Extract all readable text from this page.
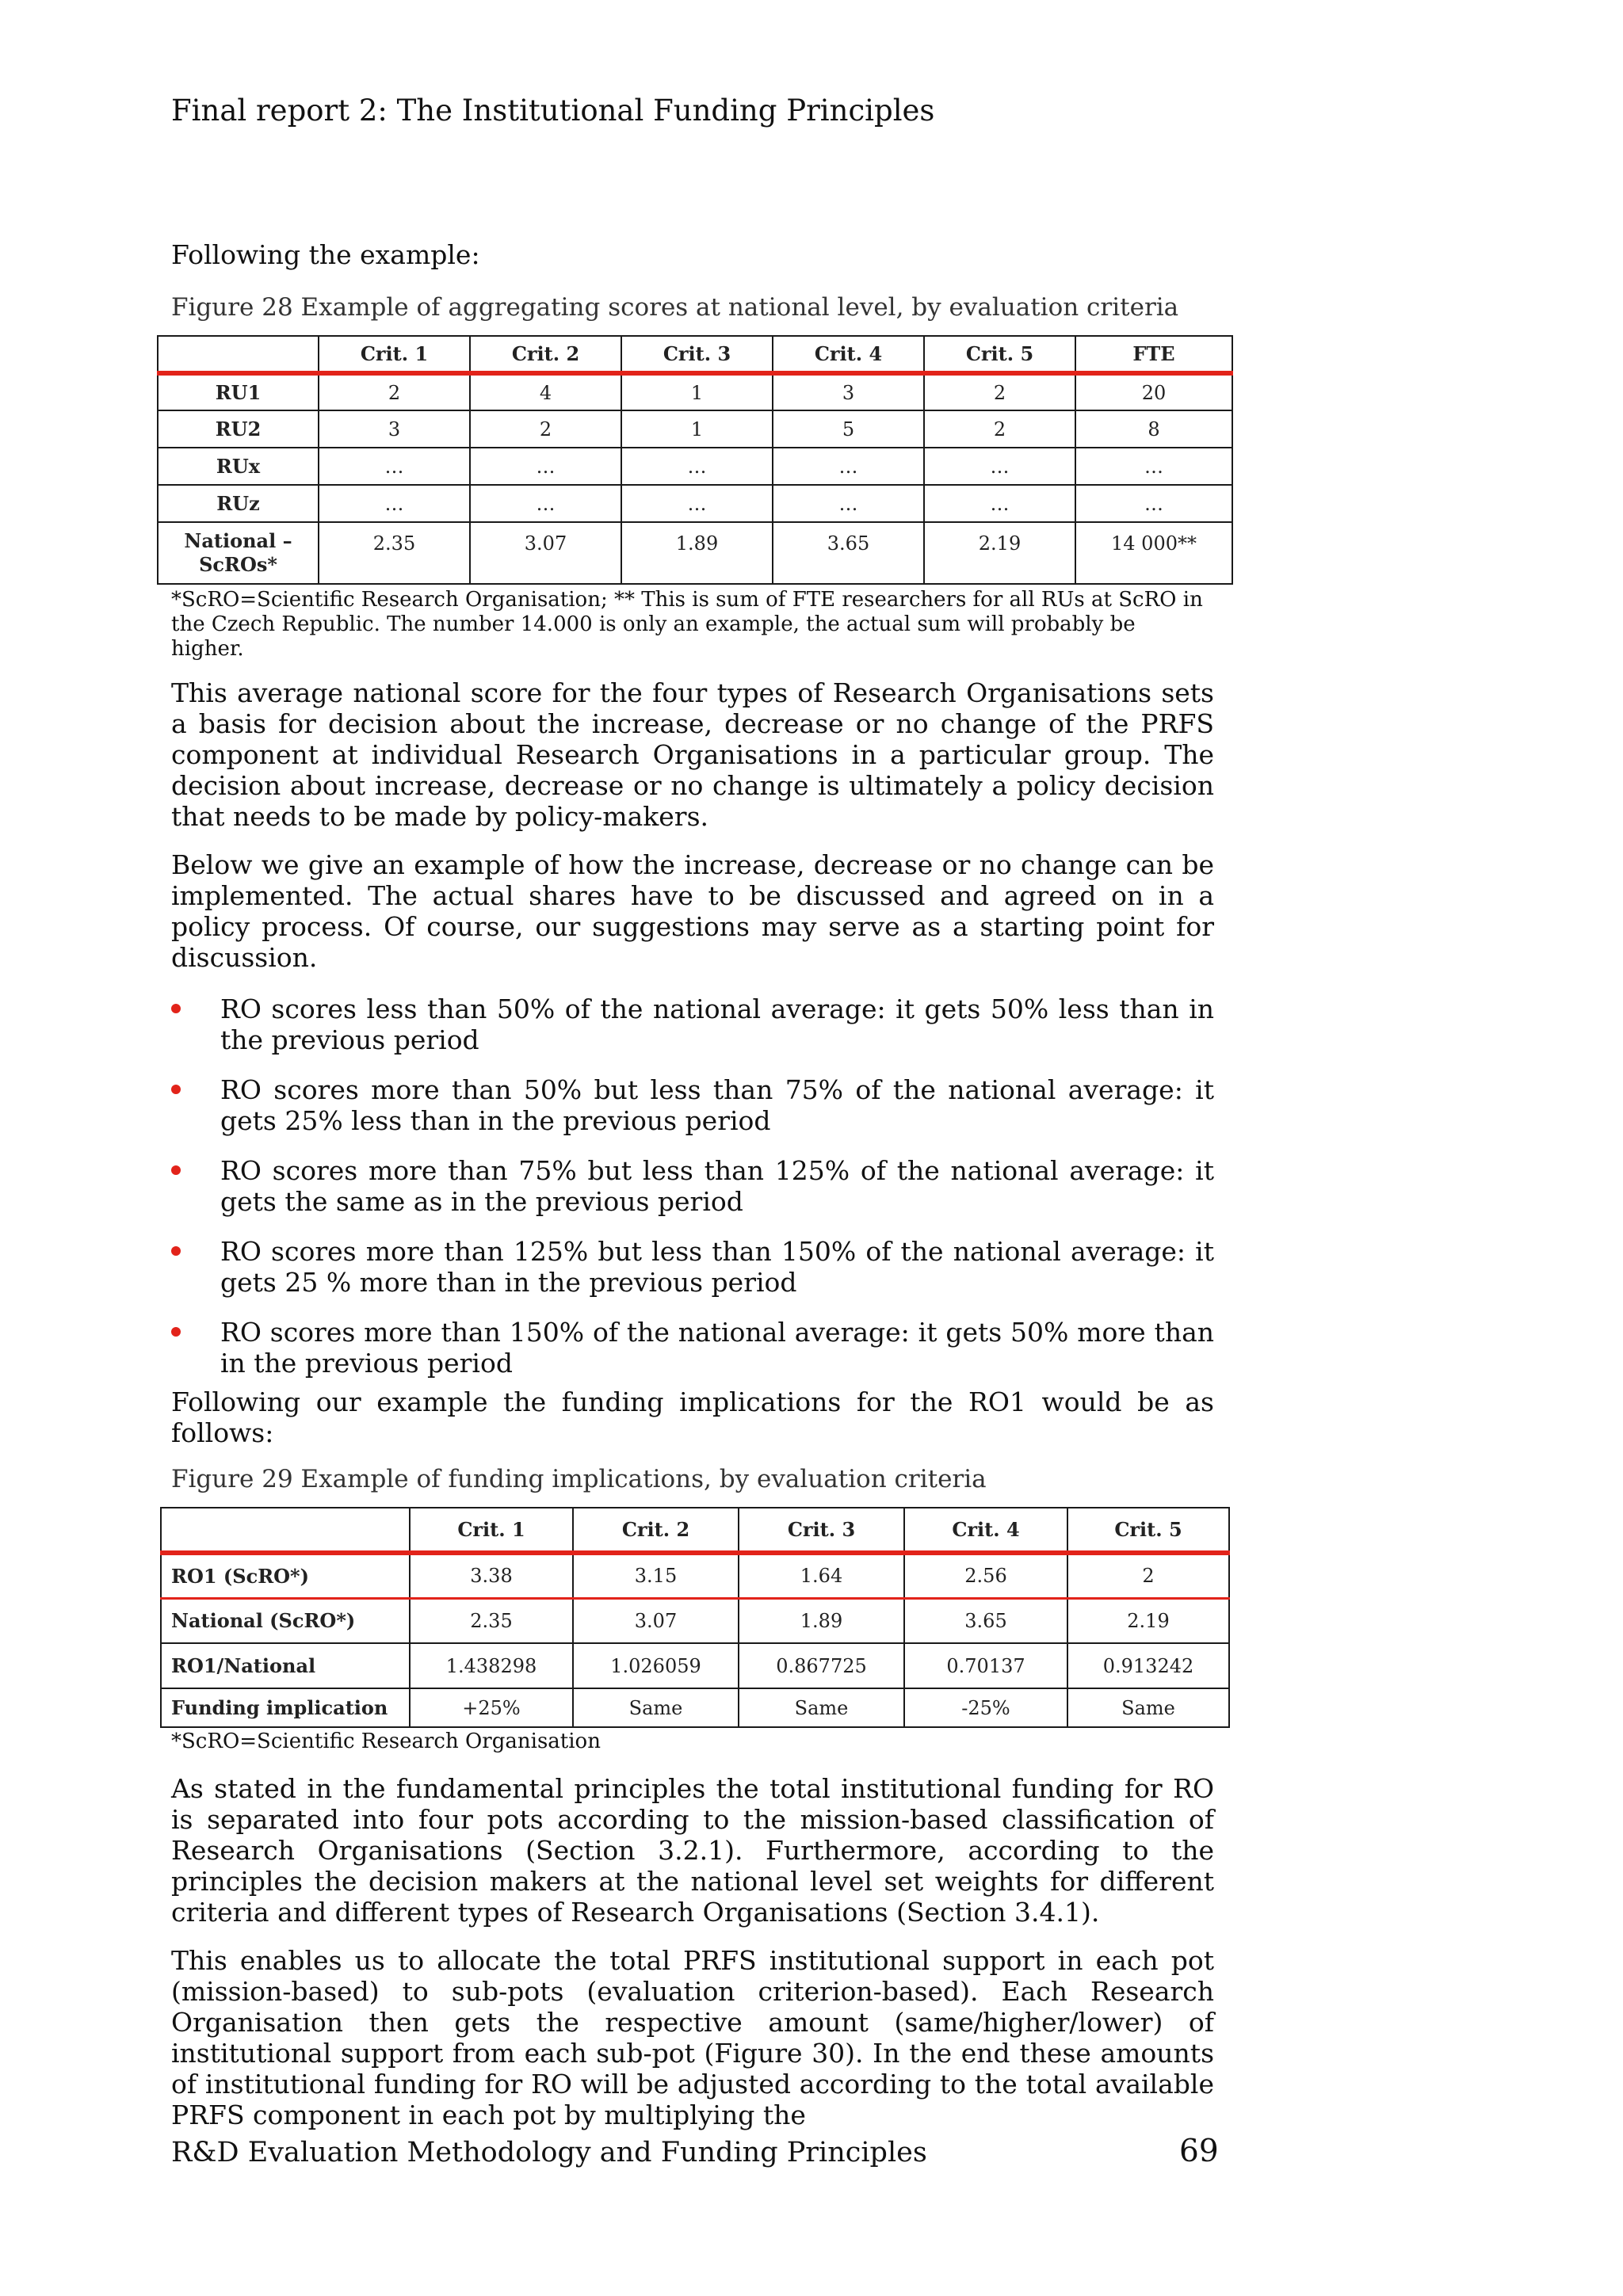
Final report 2: The Institutional Funding Principles

Following the example:

Figure 28 Example of aggregating scores at national level, by evaluation criteria

	Crit. 1	Crit. 2	Crit. 3	Crit. 4	Crit. 5	FTE
RU1	2	4	1	3	2	20
RU2	3	2	1	5	2	8
RUx	…	…	…	…	…	…
RUz	…	…	…	…	…	…
National – ScROs*	2.35	3.07	1.89	3.65	2.19	14 000**
*ScRO=Scientific Research Organisation; ** This is sum of FTE researchers for all RUs at ScRO in the Czech Republic. The number 14.000 is only an example, the actual sum will probably be higher.

This average national score for the four types of Research Organisations sets a basis for decision about the increase, decrease or no change of the PRFS component at individual Research Organisations in a particular group. The decision about increase, decrease or no change is ultimately a policy decision that needs to be made by policy-makers.

Below we give an example of how the increase, decrease or no change can be implemented. The actual shares have to be discussed and agreed on in a policy process. Of course, our suggestions may serve as a starting point for discussion.

RO scores less than 50% of the national average: it gets 50% less than in the previous period
RO scores more than 50% but less than 75% of the national average: it gets 25% less than in the previous period
RO scores more than 75% but less than 125% of the national average: it gets the same as in the previous period
RO scores more than 125% but less than 150% of the national average: it gets 25 % more than in the previous period
RO scores more than 150% of the national average: it gets 50% more than in the previous period

Following our example the funding implications for the RO1 would be as follows:

Figure 29 Example of funding implications, by evaluation criteria

	Crit. 1	Crit. 2	Crit. 3	Crit. 4	Crit. 5
RO1 (ScRO*)	3.38	3.15	1.64	2.56	2
National (ScRO*)	2.35	3.07	1.89	3.65	2.19
RO1/National	1.438298	1.026059	0.867725	0.70137	0.913242
Funding implication	+25%	Same	Same	-25%	Same
*ScRO=Scientific Research Organisation

As stated in the fundamental principles the total institutional funding for RO is separated into four pots according to the mission-based classification of Research Organisations (Section 3.2.1). Furthermore, according to the principles the decision makers at the national level set weights for different criteria and different types of Research Organisations (Section 3.4.1).

This enables us to allocate the total PRFS institutional support in each pot (mission-based) to sub-pots (evaluation criterion-based). Each Research Organisation then gets the respective amount (same/higher/lower) of institutional support from each sub-pot (Figure 30). In the end these amounts of institutional funding for RO will be adjusted according to the total available PRFS component in each pot by multiplying the

R&D Evaluation Methodology and Funding Principles	69
